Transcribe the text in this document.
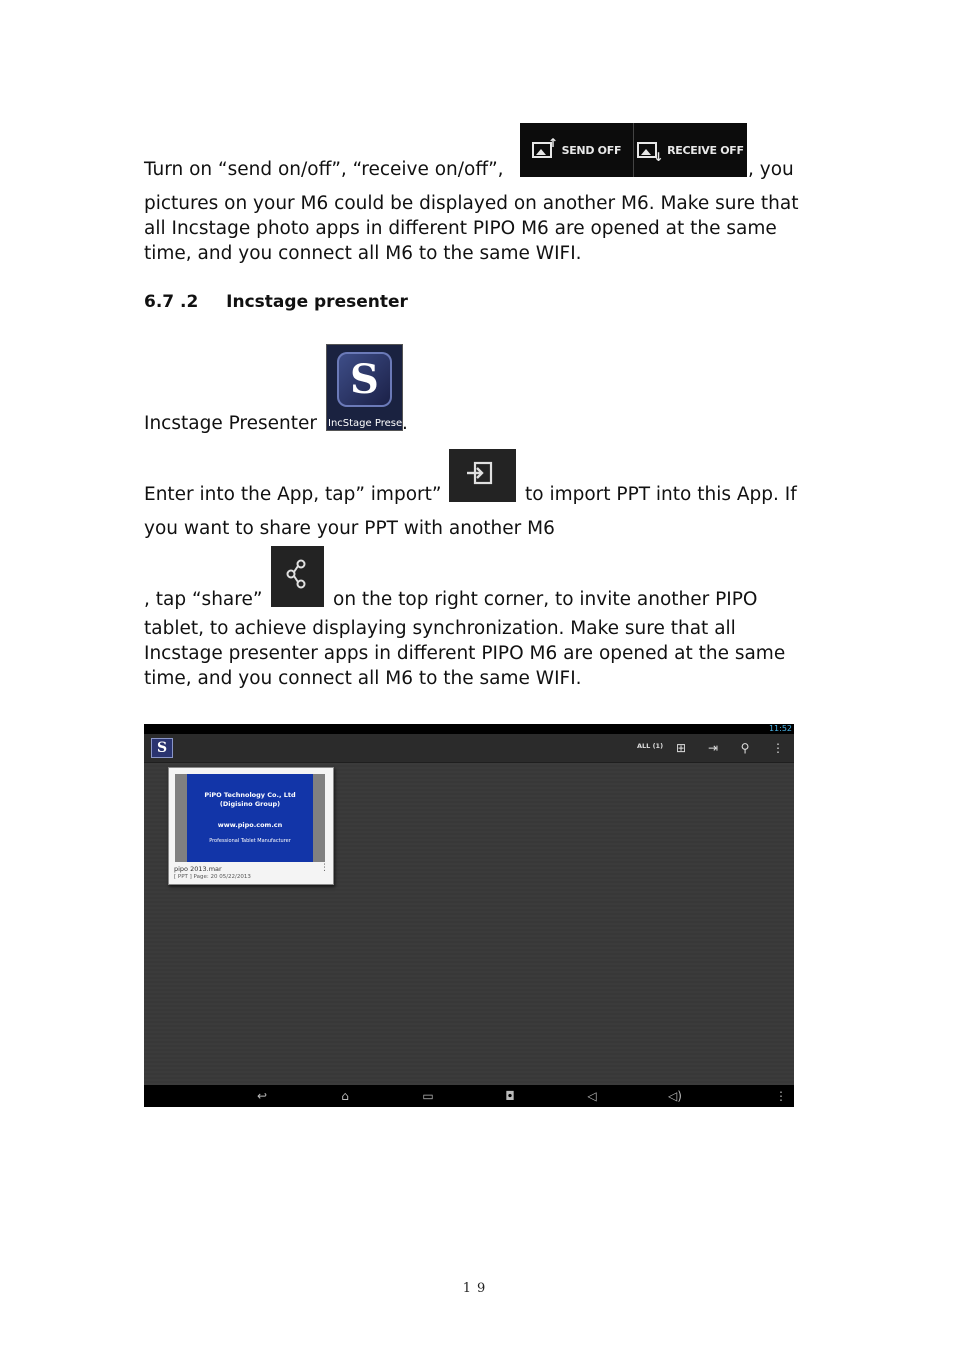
Turn on “send on/off”, “receive on/off”,
↑ SEND OFF	↓ RECEIVE OFF
, you
pictures on your M6 could be displayed on another M6. Make sure that
all Incstage photo apps in different PIPO M6 are opened at the same
time, and you connect all M6 to the same WIFI.
6.7 .2 Incstage presenter
Incstage Presenter
S
IncStage Prese .
Enter into the App, tap” import”	to import PPT into this App. If
you want to share your PPT with another M6
, tap “share”	on the top right corner, to invite another PIPO
tablet, to achieve displaying synchronization. Make sure that all
Incstage presenter apps in different PIPO M6 are opened at the same
time, and you connect all M6 to the same WIFI.
11:52
S	ALL (1) ⊞ ⇥ ⚲ ⋮
PiPO Technology Co., Ltd
(Digisino Group)
www.pipo.com.cn
Professional Tablet Manufacturer
pipo 2013.mar
[ PPT ] Page: 20 05/22/2013
⋮
↩	⌂	▭	◘	◁	◁)	⋮
19
